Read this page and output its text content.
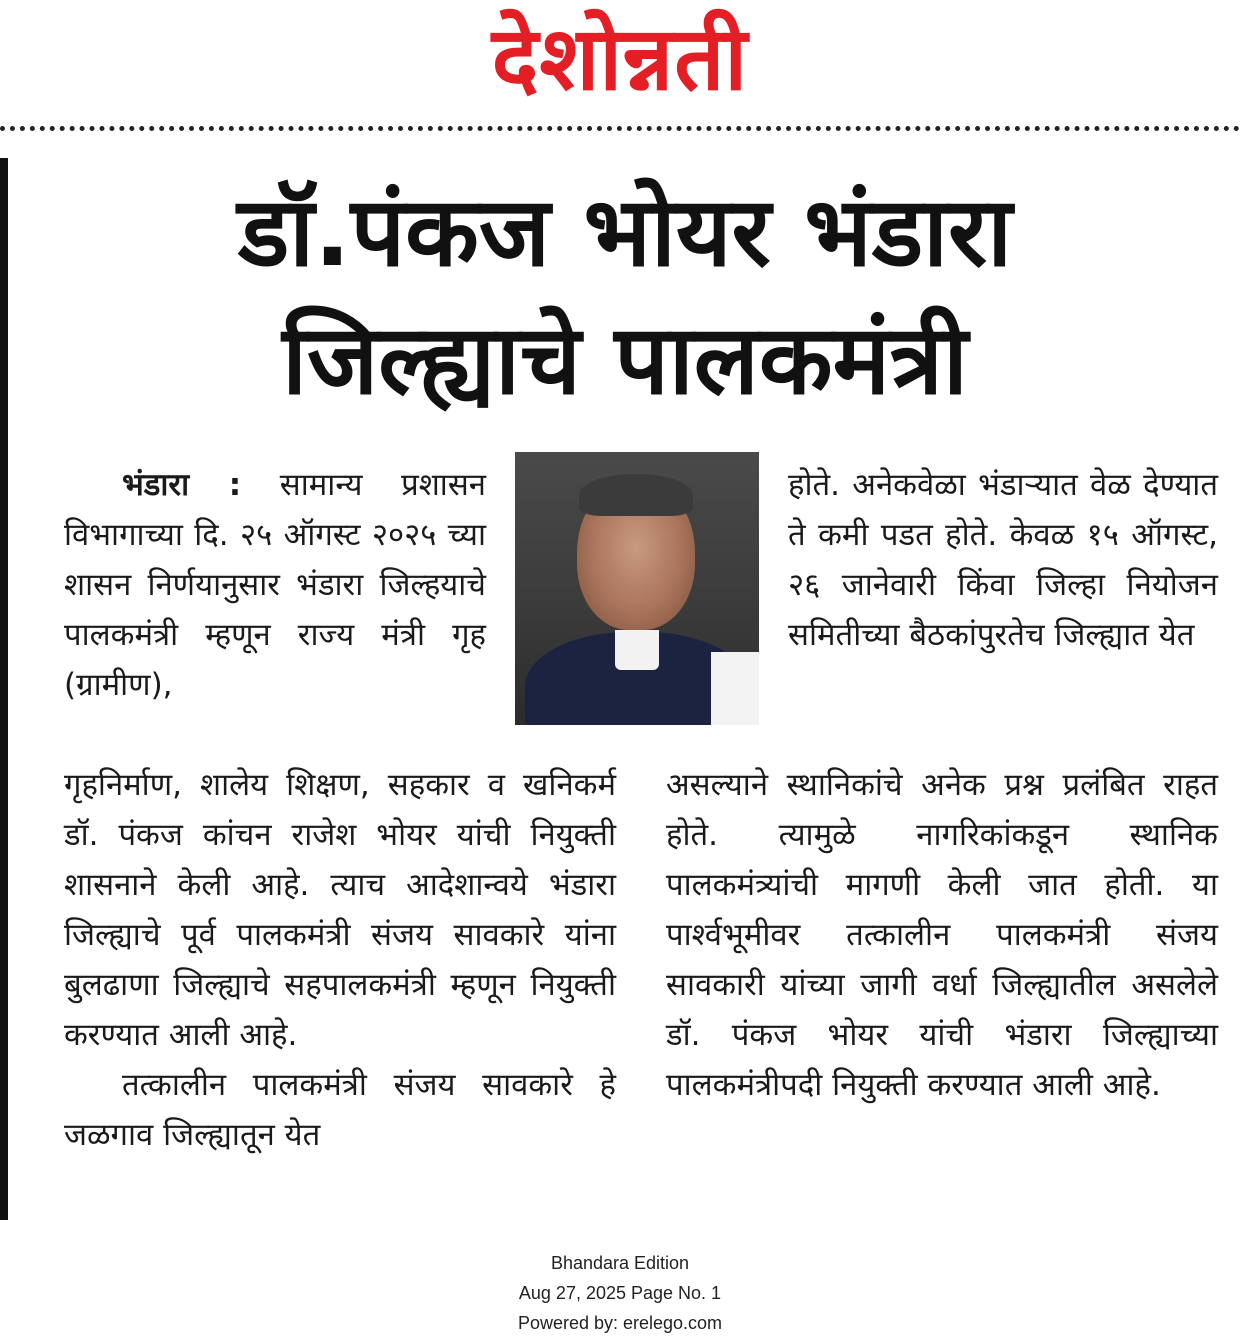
देशोन्नती
डॉ.पंकज भोयर भंडारा
जिल्ह्याचे पालकमंत्री

भंडारा : सामान्य प्रशासन विभागाच्या दि. २५ ऑगस्ट २०२५ च्या शासन निर्णयानुसार भंडारा जिल्हयाचे पालकमंत्री म्हणून राज्य मंत्री गृह (ग्रामीण),

होते. अनेकवेळा भंडाऱ्यात वेळ देण्यात ते कमी पडत होते. केवळ १५ ऑगस्ट, २६ जानेवारी किंवा जिल्हा नियोजन समितीच्या बैठकांपुरतेच जिल्ह्यात येत

गृहनिर्माण, शालेय शिक्षण, सहकार व खनिकर्म डॉ. पंकज कांचन राजेश भोयर यांची नियुक्ती शासनाने केली आहे. त्याच आदेशान्वये भंडारा जिल्ह्याचे पूर्व पालकमंत्री संजय सावकारे यांना बुलढाणा जिल्ह्याचे सहपालकमंत्री म्हणून नियुक्ती करण्यात आली आहे.

तत्कालीन पालकमंत्री संजय सावकारे हे जळगाव जिल्ह्यातून येत

असल्याने स्थानिकांचे अनेक प्रश्न प्रलंबित राहत होते. त्यामुळे नागरिकांकडून स्थानिक पालकमंत्र्यांची मागणी केली जात होती. या पार्श्वभूमीवर तत्कालीन पालकमंत्री संजय सावकारी यांच्या जागी वर्धा जिल्ह्यातील असलेले डॉ. पंकज भोयर यांची भंडारा जिल्ह्याच्या पालकमंत्रीपदी नियुक्ती करण्यात आली आहे.

Bhandara Edition
Aug 27, 2025 Page No. 1
Powered by: erelego.com
